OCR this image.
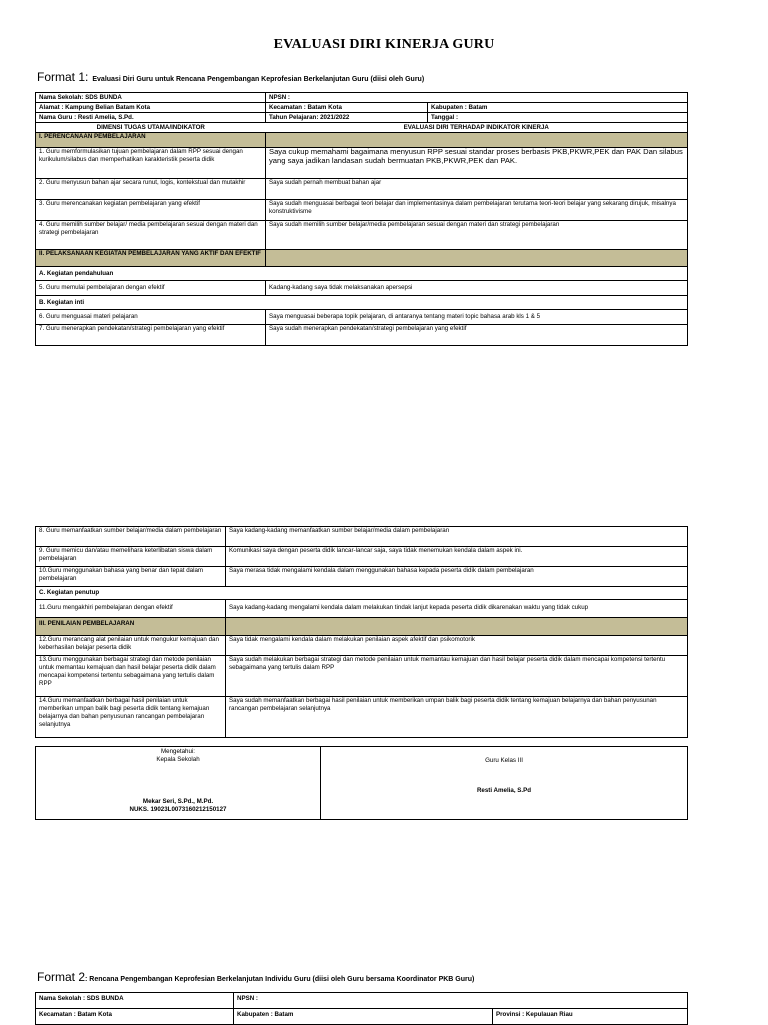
EVALUASI DIRI KINERJA GURU
Format 1: Evaluasi Diri Guru untuk Rencana Pengembangan Keprofesian Berkelanjutan Guru (diisi oleh Guru)
Nama Sekolah: SDS BUNDA	NPSN :	
Alamat : Kampung Belian Batam Kota	Kecamatan : Batam Kota	Kabupaten : Batam
Nama Guru : Resti Amelia, S.Pd.	Tahun Pelajaran: 2021/2022	Tanggal :
DIMENSI TUGAS UTAMA/INDIKATOR	EVALUASI DIRI TERHADAP INDIKATOR KINERJA	
I. PERENCANAAN PEMBELAJARAN		
1. Guru memformulasikan tujuan pembelajaran dalam RPP sesuai dengan kurikulum/silabus dan memperhatikan karakteristik peserta didik	Saya cukup memahami bagaimana menyusun RPP sesuai standar proses berbasis PKB,PKWR,PEK dan PAK Dan silabus yang saya jadikan landasan sudah bermuatan PKB,PKWR,PEK dan PAK.	
2. Guru menyusun bahan ajar secara runut, logis, kontekstual dan mutakhir	Saya sudah pernah membuat bahan ajar	
3. Guru merencanakan kegiatan pembelajaran yang efektif	Saya sudah menguasai berbagai teori belajar dan implementasinya dalam pembelajaran terutama teori-teori belajar yang sekarang dirujuk, misalnya konstruktivisme	
4. Guru memilih sumber belajar/ media pembelajaran sesuai dengan materi dan strategi pembelajaran	Saya sudah memilih sumber belajar/media pembelajaran sesuai dengan materi dan strategi pembelajaran	
II. PELAKSANAAN KEGIATAN PEMBELAJARAN YANG AKTIF DAN EFEKTIF		
A. Kegiatan pendahuluan		
5. Guru memulai pembelajaran dengan efektif	Kadang-kadang saya tidak melaksanakan apersepsi	
B. Kegiatan inti		
6. Guru menguasai materi pelajaran	Saya menguasai beberapa topik pelajaran, di antaranya tentang materi topic bahasa arab kls 1 & 5	
7. Guru menerapkan pendekatan/strategi pembelajaran yang efektif	Saya sudah menerapkan pendekatan/strategi pembelajaran yang efektif	
8. Guru memanfaatkan sumber belajar/media dalam pembelajaran	Saya kadang-kadang memanfaatkan sumber belajar/media dalam pembelajaran
9. Guru memicu dan/atau memelihara keterlibatan siswa dalam pembelajaran	Komunikasi saya dengan peserta didik lancar-lancar saja, saya tidak menemukan kendala dalam aspek ini.
10.Guru menggunakan bahasa yang benar dan tepat dalam pembelajaran	Saya merasa tidak mengalami kendala dalam menggunakan bahasa kepada peserta didik dalam pembelajaran
C. Kegiatan penutup	
11.Guru mengakhiri pembelajaran dengan efektif	Saya kadang-kadang mengalami kendala dalam melakukan tindak lanjut kepada peserta didik dikarenakan waktu yang tidak cukup
III. PENILAIAN PEMBELAJARAN	
12.Guru merancang alat penilaian untuk mengukur kemajuan dan keberhasilan belajar peserta didik	Saya tidak mengalami kendala dalam melakukan penilaian aspek afektif dan psikomotorik
13.Guru menggunakan berbagai strategi dan metode penilaian untuk memantau kemajuan dan hasil belajar peserta didik dalam mencapai kompetensi tertentu sebagaimana yang tertulis dalam RPP	Saya sudah melakukan berbagai strategi dan metode penilaian untuk memantau kemajuan dan hasil belajar peserta didik dalam mencapai kompetensi tertentu sebagaimana yang tertulis dalam RPP
14.Guru memanfaatkan berbagai hasil penilaian untuk memberikan umpan balik bagi peserta didik tentang kemajuan belajarnya dan bahan penyusunan rancangan pembelajaran selanjutnya	Saya sudah memanfaatkan berbagai hasil penilaian untuk memberikan umpan balik bagi peserta didik tentang kemajuan belajarnya dan bahan penyusunan rancangan pembelajaran selanjutnya
Mengetahui:
Kepala Sekolah
Mekar Seri, S.Pd., M.Pd.
NUKS. 19023L0073160212150127

Guru Kelas III
Resti Amelia, S.Pd
Format 2: Rencana Pengembangan Keprofesian Berkelanjutan Individu Guru (diisi oleh Guru bersama Koordinator PKB Guru)
Nama Sekolah : SDS BUNDA	NPSN :	
Kecamatan : Batam Kota	Kabupaten : Batam	Provinsi : Kepulauan Riau
